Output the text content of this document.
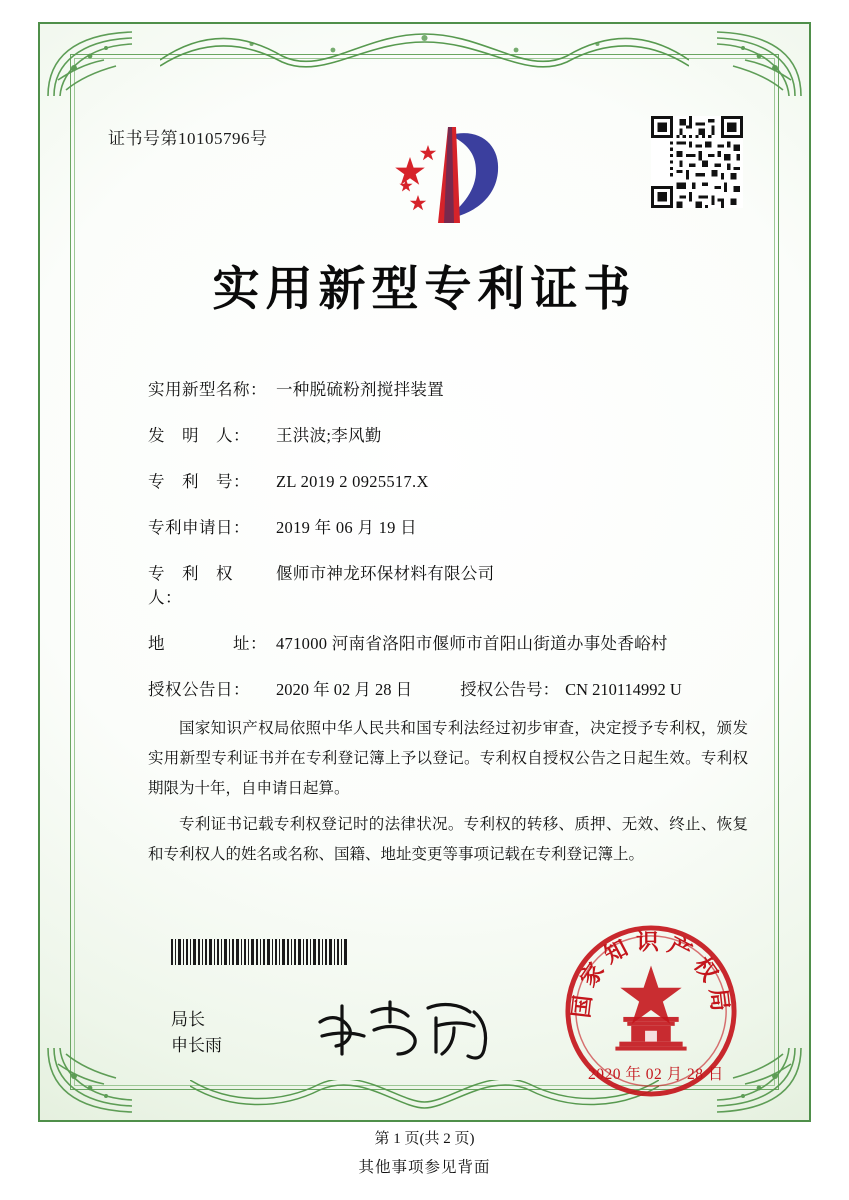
证书号第10105796号
实用新型专利证书
实用新型名称： 一种脱硫粉剂搅拌装置
发　明　人：	王洪波;李风勤
专　利　号：	ZL 2019 2 0925517.X
专利申请日：	2019 年 06 月 19 日
专　利　权　人：
偃师市神龙环保材料有限公司
地　　　　址： 471000 河南省洛阳市偃师市首阳山街道办事处香峪村
授权公告日：	2020 年 02 月 28 日	授权公告号： CN 210114992 U

国家知识产权局依照中华人民共和国专利法经过初步审查，决定授予专利权，颁发实用新型专利证书并在专利登记簿上予以登记。专利权自授权公告之日起生效。专利权期限为十年，自申请日起算。

专利证书记载专利权登记时的法律状况。专利权的转移、质押、无效、终止、恢复和专利权人的姓名或名称、国籍、地址变更等事项记载在专利登记簿上。

局长
申长雨
国家知识产权局
2020 年 02 月 28 日
第 1 页(共 2 页)
其他事项参见背面
